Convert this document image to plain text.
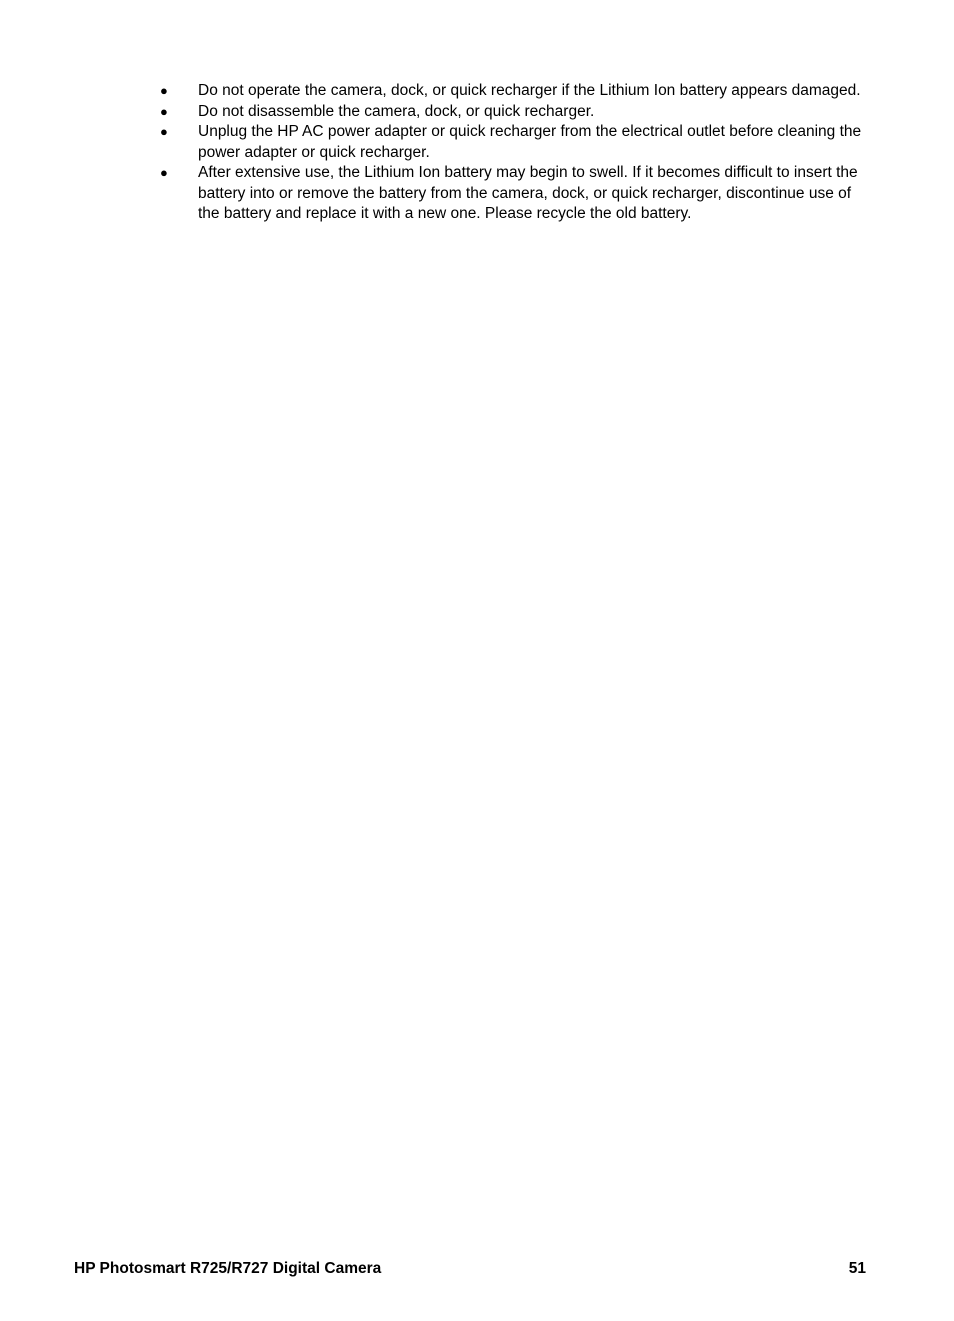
● Do not operate the camera, dock, or quick recharger if the Lithium Ion battery appears damaged.
● Do not disassemble the camera, dock, or quick recharger.
● Unplug the HP AC power adapter or quick recharger from the electrical outlet before cleaning the power adapter or quick recharger.
● After extensive use, the Lithium Ion battery may begin to swell. If it becomes difficult to insert the battery into or remove the battery from the camera, dock, or quick recharger, discontinue use of the battery and replace it with a new one. Please recycle the old battery.
HP Photosmart R725/R727 Digital Camera	51
